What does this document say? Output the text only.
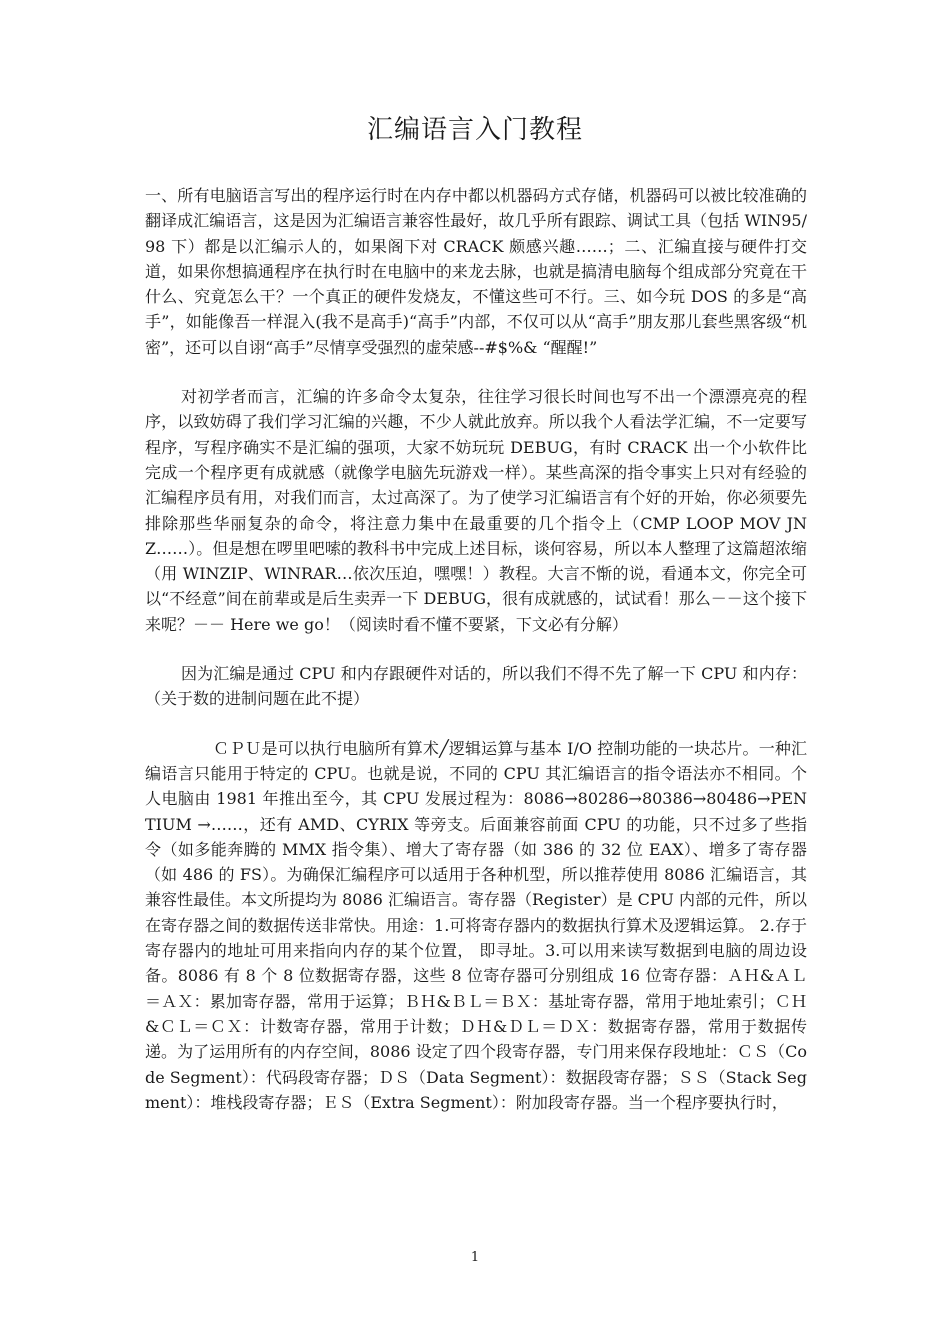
汇编语言入门教程

一、所有电脑语言写出的程序运行时在内存中都以机器码方式存储，机器码可以被比较准确的翻译成汇编语言，这是因为汇编语言兼容性最好，故几乎所有跟踪、调试工具（包括 WIN95/98 下）都是以汇编示人的，如果阁下对 CRACK 颇感兴趣……；二、汇编直接与硬件打交道，如果你想搞通程序在执行时在电脑中的来龙去脉，也就是搞清电脑每个组成部分究竟在干什么、究竟怎么干？一个真正的硬件发烧友，不懂这些可不行。三、如今玩 DOS 的多是“高手”，如能像吾一样混入(我不是高手)“高手”内部，不仅可以从“高手”朋友那儿套些黑客级“机密”，还可以自诩“高手”尽情享受强烈的虚荣感--#$%& “醒醒!”

对初学者而言，汇编的许多命令太复杂，往往学习很长时间也写不出一个漂漂亮亮的程序，以致妨碍了我们学习汇编的兴趣，不少人就此放弃。所以我个人看法学汇编，不一定要写程序，写程序确实不是汇编的强项，大家不妨玩玩 DEBUG，有时 CRACK 出一个小软件比完成一个程序更有成就感（就像学电脑先玩游戏一样）。某些高深的指令事实上只对有经验的汇编程序员有用，对我们而言，太过高深了。为了使学习汇编语言有个好的开始，你必须要先排除那些华丽复杂的命令，将注意力集中在最重要的几个指令上（CMP LOOP MOV JNZ……）。但是想在啰里吧嗦的教科书中完成上述目标，谈何容易，所以本人整理了这篇超浓缩（用 WINZIP、WINRAR…依次压迫，嘿嘿！）教程。大言不惭的说，看通本文，你完全可以“不经意”间在前辈或是后生卖弄一下 DEBUG，很有成就感的，试试看！那么－－这个接下来呢？－－ Here we go！（阅读时看不懂不要紧，下文必有分解）

因为汇编是通过 CPU 和内存跟硬件对话的，所以我们不得不先了解一下 CPU 和内存：（关于数的进制问题在此不提）

ＣＰＵ是可以执行电脑所有算术╱逻辑运算与基本 I/O 控制功能的一块芯片。一种汇编语言只能用于特定的 CPU。也就是说，不同的 CPU 其汇编语言的指令语法亦不相同。个人电脑由 1981 年推出至今，其 CPU 发展过程为：8086→80286→80386→80486→PENTIUM →……，还有 AMD、CYRIX 等旁支。后面兼容前面 CPU 的功能，只不过多了些指令（如多能奔腾的 MMX 指令集）、增大了寄存器（如 386 的 32 位 EAX）、增多了寄存器（如 486 的 FS）。为确保汇编程序可以适用于各种机型，所以推荐使用 8086 汇编语言，其兼容性最佳。本文所提均为 8086 汇编语言。寄存器（Register）是 CPU 内部的元件，所以在寄存器之间的数据传送非常快。用途：1.可将寄存器内的数据执行算术及逻辑运算。 2.存于寄存器内的地址可用来指向内存的某个位置， 即寻址。3.可以用来读写数据到电脑的周边设备。8086 有 8 个 8 位数据寄存器，这些 8 位寄存器可分别组成 16 位寄存器：ＡＨ&ＡＬ＝ＡＸ：累加寄存器，常用于运算；ＢＨ&ＢＬ＝ＢＸ：基址寄存器，常用于地址索引；ＣＨ&ＣＬ＝ＣＸ：计数寄存器，常用于计数；ＤＨ&ＤＬ＝ＤＸ：数据寄存器，常用于数据传递。为了运用所有的内存空间，8086 设定了四个段寄存器，专门用来保存段地址：ＣＳ（Code Segment）：代码段寄存器；ＤＳ（Data Segment）：数据段寄存器；ＳＳ（Stack Segment）：堆栈段寄存器；ＥＳ（Extra Segment）：附加段寄存器。当一个程序要执行时，

1
